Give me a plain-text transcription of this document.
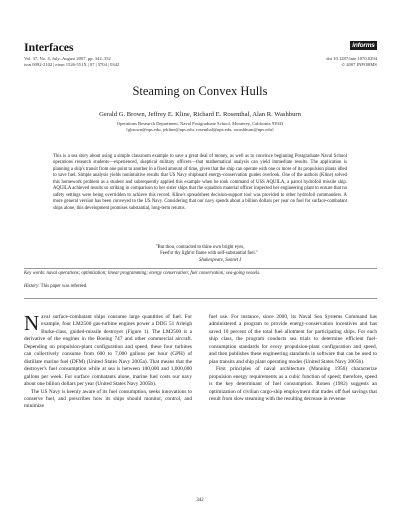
Interfaces
Vol. 37, No. 4, July–August 2007, pp. 342–352
issn 0092-2102 | eissn 1526-551X | 07 | 3704 | 0342
informs
doi 10.1287/inte.1070.0294
© 2007 INFORMS
Steaming on Convex Hulls
Gerald G. Brown, Jeffrey E. Kline, Richard E. Rosenthal, Alan R. Washburn
Operations Research Department, Naval Postgraduate School, Monterey, California 93943
{gbrown@nps.edu, jekline@nps.edu, rosenthal@nps.edu, awashburn@nps.edu}
This is a sea story about using a simple classroom example to save a great deal of money, as well as to convince beginning Postgraduate Naval School operations research students—experienced, skeptical military officers—that mathematical analysis can yield immediate results. The application is planning a ship's transit from one point to another in a fixed amount of time, given that the ship can operate with one or more of its propulsion plants idled to save fuel. Simple analysis yields nonintuitive results that US Navy shipboard energy-conservation guides overlook. One of the authors (Kline) solved this homework problem as a student and subsequently applied this example when he took command of USS AQUILA, a patrol hydrofoil missile ship. AQUILA achieved results so striking in comparison to her sister ships that the squadron material officer inspected her engineering plant to ensure that no safety settings were being overridden to achieve this record. Kline's spreadsheet decision-support tool was provided to other hydrofoil commanders. A more general version has been conveyed to the US Navy. Considering that our navy spends about a billion dollars per year on fuel for surface-combatant ships alone, this development promises substantial, long-term returns.
"But thou, contracted to thine own bright eyes,
Feed'st thy light'st flame with self-substantial fuel."
Shakespeare, Sonnet I
Key words: naval operations; optimization; linear programming; energy conservation; fuel conservation; sea-going vessels.
History: This paper was refereed.

Naval surface-combatant ships consume large quantities of fuel. For example, four LM2500 gas-turbine engines power a DDG 51 Arleigh Burke-class, guided-missile destroyer (Figure 1). The LM2500 is a derivative of the engines in the Boeing 747 and other commercial aircraft. Depending on propulsion-plant configuration and speed, these four turbines can collectively consume from 600 to 7,000 gallons per hour (GPH) of distillate marine fuel (DFM) (United States Navy 2005a). That means that the destroyer's fuel consumption while at sea is between 100,000 and 1,000,000 gallons per week. For surface combatants alone, marine fuel costs our navy about one billion dollars per year (United States Navy 2005b).

The US Navy is keenly aware of its fuel consumption, seeks innovations to conserve fuel, and prescribes how its ships should monitor, control, and minimize

fuel use. For instance, since 2000, its Naval Sea Systems Command has administered a program to provide energy-conservation incentives and has saved 10 percent of the total fuel allotment for participating ships. For each ship class, the program conducts sea trials to determine efficient fuel-consumption standards for every propulsion-plant configuration and speed, and then publishes these engineering standards in software that can be used to plan transits and ship plant operating modes (United States Navy 2005b).

First principles of naval architecture (Manning 1956) characterize propulsion energy requirements as a cubic function of speed; therefore, speed is the key determinant of fuel consumption. Ronen (1982) suggests an optimization of civilian cargo-ship employment that trades off fuel savings that result from slow steaming with the resulting decrease in revenue

342
